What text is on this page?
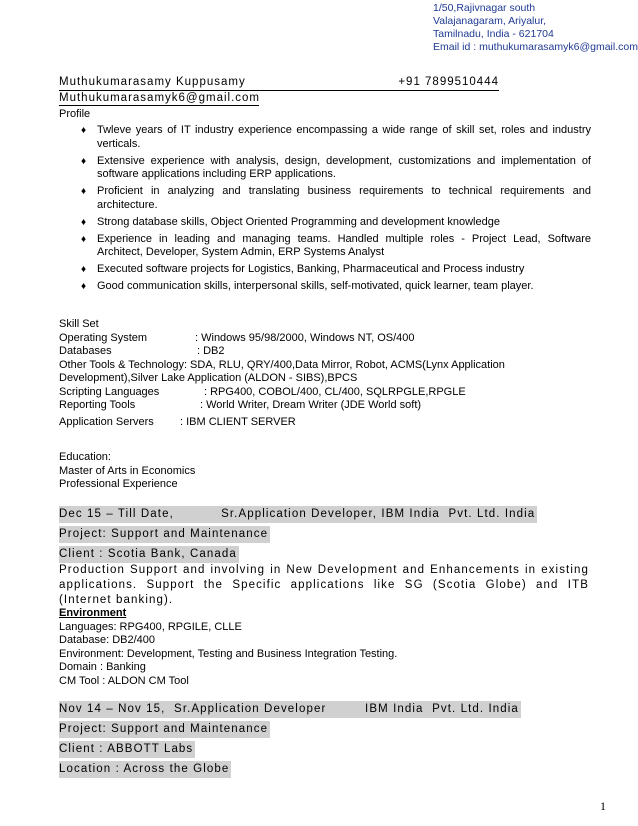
1/50,Rajivnagar south
Valajanagaram, Ariyalur,
Tamilnadu, India - 621704
Email id : muthukumarasamyk6@gmail.com
Muthukumarasamy Kuppusamy	+91 7899510444
Muthukumarasamyk6@gmail.com
Profile
♦ Twleve years of IT industry experience encompassing a wide range of skill set, roles and industry verticals.
♦ Extensive experience with analysis, design, development, customizations and implementation of software applications including ERP applications.
♦ Proficient in analyzing and translating business requirements to technical requirements and architecture.
♦ Strong database skills, Object Oriented Programming and development knowledge
♦ Experience in leading and managing teams. Handled multiple roles - Project Lead, Software Architect, Developer, System Admin, ERP Systems Analyst
♦ Executed software projects for Logistics, Banking, Pharmaceutical and Process industry
♦ Good communication skills, interpersonal skills, self-motivated, quick learner, team player.
Skill Set
Operating System	: Windows 95/98/2000, Windows NT, OS/400
Databases	: DB2
Other Tools & Technology: SDA, RLU, QRY/400,Data Mirror, Robot, ACMS(Lynx Application
Development),Silver Lake Application (ALDON - SIBS),BPCS
Scripting Languages	: RPG400, COBOL/400, CL/400, SQLRPGLE,RPGLE
Reporting Tools	: World Writer, Dream Writer (JDE World soft)
Application Servers	: IBM CLIENT SERVER
Education:
Master of Arts in Economics
Professional Experience
Dec 15 – Till Date,           Sr.Application Developer, IBM India  Pvt. Ltd. India
Project: Support and Maintenance
Client : Scotia Bank, Canada
Production Support and involving in New Development and Enhancements in existing applications. Support the Specific applications like SG (Scotia Globe) and ITB (Internet banking).
Environment
Languages: RPG400, RPGILE, CLLE
Database: DB2/400
Environment: Development, Testing and Business Integration Testing.
Domain : Banking
CM Tool : ALDON CM Tool
Nov 14 – Nov 15,  Sr.Application Developer         IBM India  Pvt. Ltd. India
Project: Support and Maintenance
Client : ABBOTT Labs
Location : Across the Globe
1
